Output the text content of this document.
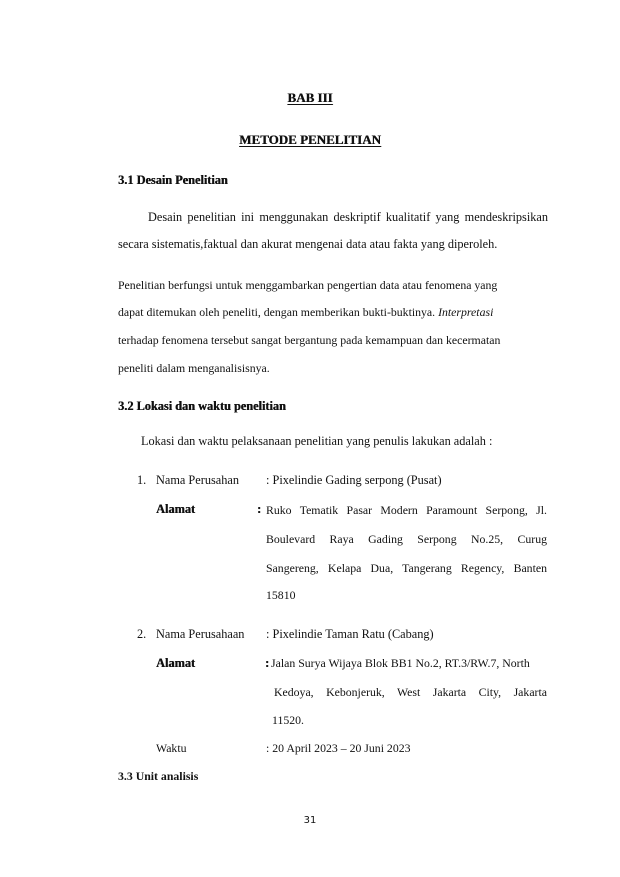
BAB III
METODE PENELITIAN
3.1 Desain Penelitian
Desain penelitian ini menggunakan deskriptif kualitatif yang mendeskripsikan
secara sistematis,faktual dan akurat mengenai data atau fakta yang diperoleh.
Penelitian berfungsi untuk menggambarkan pengertian data atau fenomena yang
dapat ditemukan oleh peneliti, dengan memberikan bukti-buktinya. Interpretasi
terhadap fenomena tersebut sangat bergantung pada kemampuan dan kecermatan
peneliti dalam menganalisisnya.
3.2 Lokasi dan waktu penelitian
Lokasi dan waktu pelaksanaan penelitian yang penulis lakukan adalah :
1. Nama Perusahan : Pixelindie Gading serpong (Pusat)
Alamat	: Ruko Tematik Pasar Modern Paramount Serpong, Jl.
Boulevard Raya Gading Serpong No.25, Curug
Sangereng, Kelapa Dua, Tangerang Regency, Banten
15810
2. Nama Perusahaan : Pixelindie Taman Ratu (Cabang)
Alamat	: Jalan Surya Wijaya Blok BB1 No.2, RT.3/RW.7, North
Kedoya, Kebonjeruk, West Jakarta City, Jakarta
11520.
Waktu	: 20 April 2023 – 20 Juni 2023
3.3 Unit analisis
31
